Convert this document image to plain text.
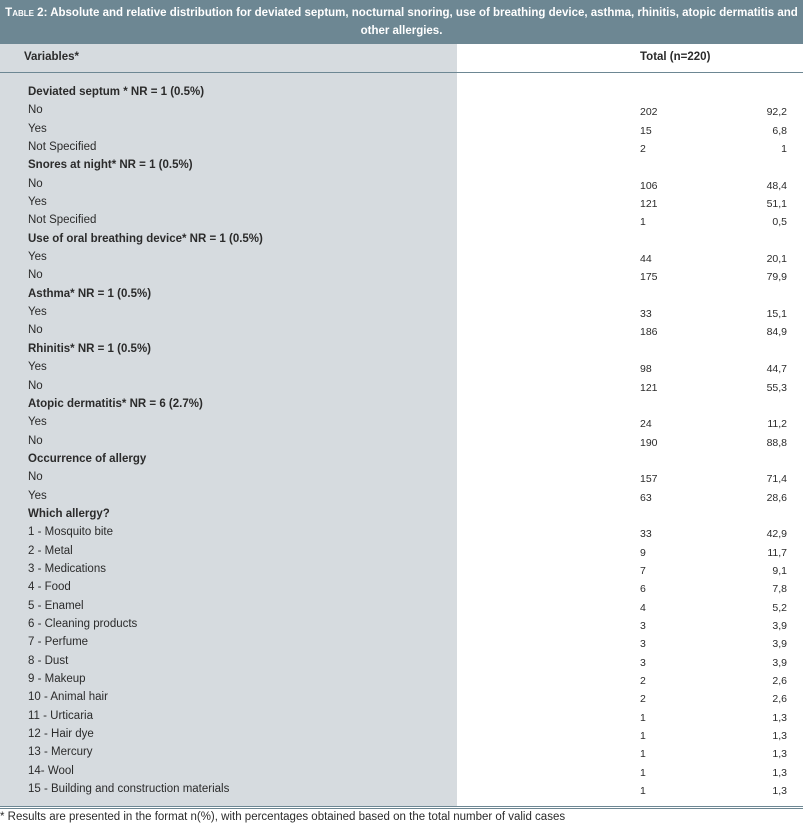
Table 2: Absolute and relative distribution for deviated septum, nocturnal snoring, use of breathing device, asthma, rhinitis, atopic dermatitis and other allergies.
Variables*	Total (n=220)
Deviated septum * NR = 1 (0.5%)
No	202	92,2
Yes	15	6,8
Not Specified	2	1
Snores at night* NR = 1 (0.5%)
No	106	48,4
Yes	121	51,1
Not Specified	1	0,5
Use of oral breathing device* NR = 1 (0.5%)
Yes	44	20,1
No	175	79,9
Asthma* NR = 1 (0.5%)
Yes	33	15,1
No	186	84,9
Rhinitis* NR = 1 (0.5%)
Yes	98	44,7
No	121	55,3
Atopic dermatitis* NR = 6 (2.7%)
Yes	24	11,2
No	190	88,8
Occurrence of allergy
No	157	71,4
Yes	63	28,6
Which allergy?
1 - Mosquito bite	33	42,9
2 - Metal	9	11,7
3 - Medications	7	9,1
4 - Food	6	7,8
5 - Enamel	4	5,2
6 - Cleaning products	3	3,9
7 - Perfume	3	3,9
8 - Dust	3	3,9
9 - Makeup	2	2,6
10 - Animal hair	2	2,6
11 - Urticaria	1	1,3
12 - Hair dye	1	1,3
13 - Mercury	1	1,3
14- Wool	1	1,3
15 - Building and construction materials	1	1,3
* Results are presented in the format n(%), with percentages obtained based on the total number of valid cases
